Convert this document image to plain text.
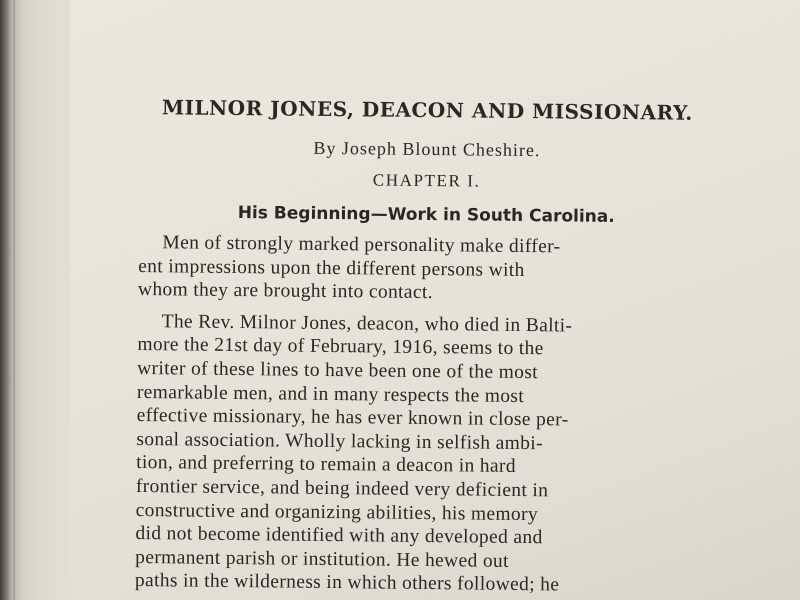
MILNOR JONES, DEACON AND MISSIONARY.

By Joseph Blount Cheshire.

CHAPTER I.

His Beginning—Work in South Carolina.

Men of strongly marked personality make differ-
ent impressions upon the different persons with
whom they are brought into contact.

The Rev. Milnor Jones, deacon, who died in Balti-
more the 21st day of February, 1916, seems to the
writer of these lines to have been one of the most
remarkable men, and in many respects the most
effective missionary, he has ever known in close per-
sonal association. Wholly lacking in selfish ambi-
tion, and preferring to remain a deacon in hard
frontier service, and being indeed very deficient in
constructive and organizing abilities, his memory
did not become identified with any developed and
permanent parish or institution. He hewed out
paths in the wilderness in which others followed; he
